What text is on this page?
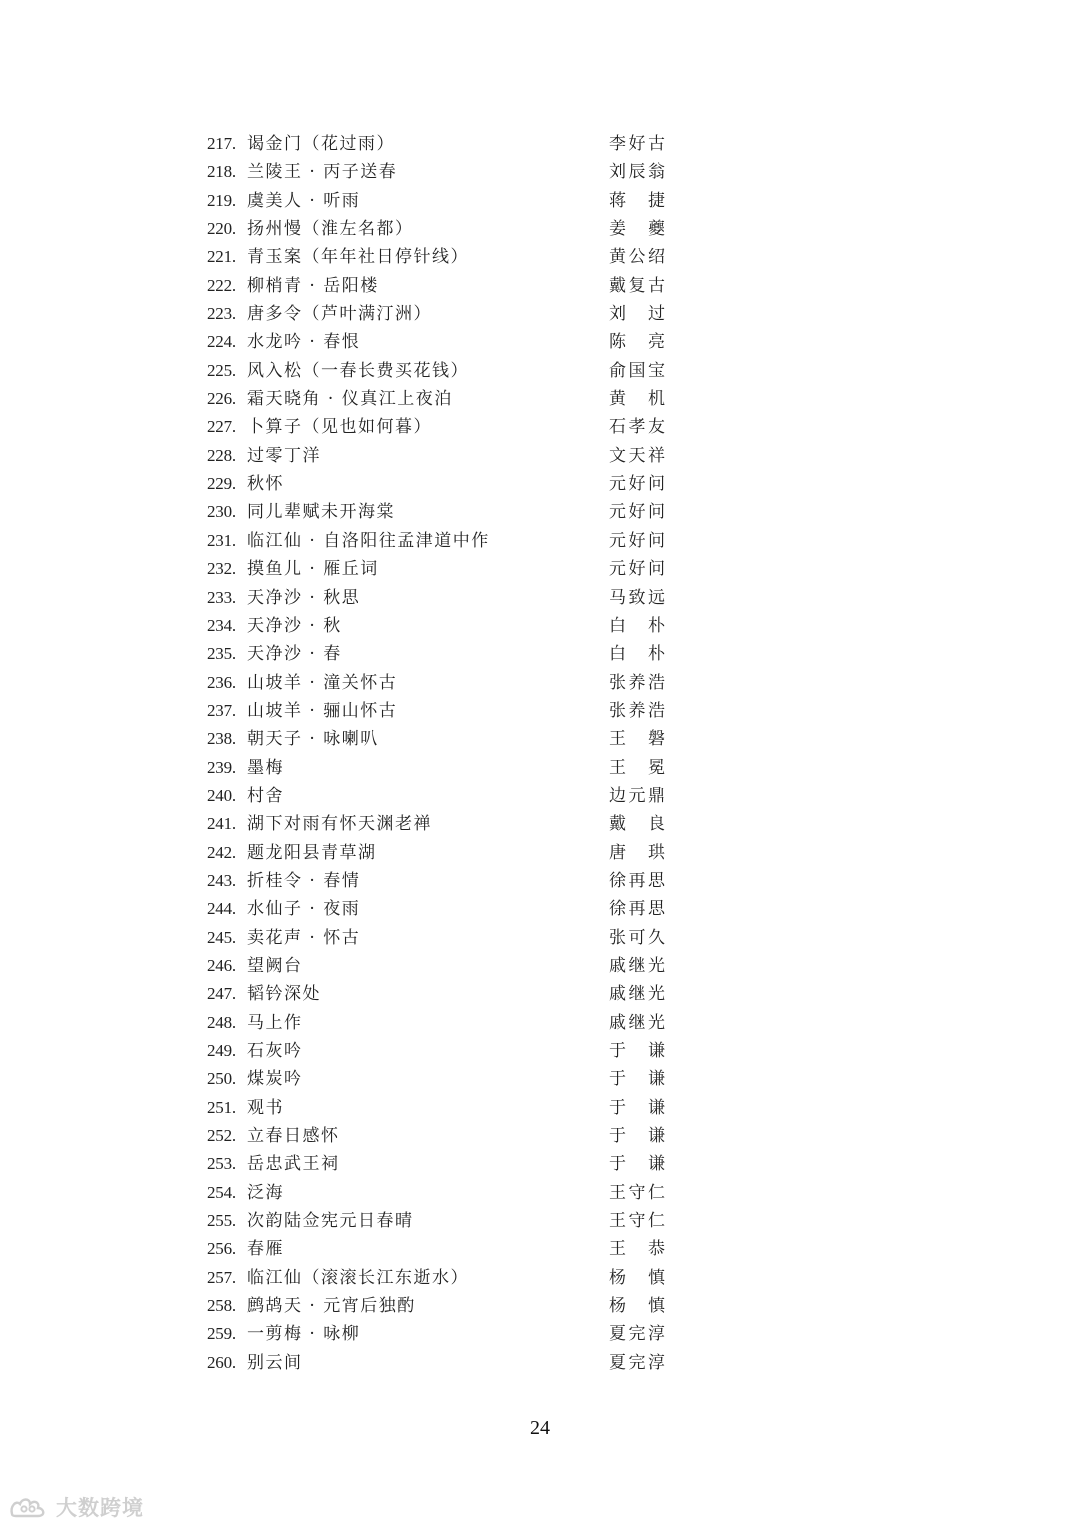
217. 谒金门（花过雨）	李好古
218. 兰陵王 · 丙子送春	刘辰翁
219. 虞美人 · 听雨	蒋　捷
220. 扬州慢（淮左名都）	姜　夔
221. 青玉案（年年社日停针线）	黄公绍
222. 柳梢青 · 岳阳楼	戴复古
223. 唐多令（芦叶满汀洲）	刘　过
224. 水龙吟 · 春恨	陈　亮
225. 风入松（一春长费买花钱）	俞国宝
226. 霜天晓角 · 仪真江上夜泊	黄　机
227. 卜算子（见也如何暮）	石孝友
228. 过零丁洋	文天祥
229. 秋怀	元好问
230. 同儿辈赋未开海棠	元好问
231. 临江仙 · 自洛阳往孟津道中作	元好问
232. 摸鱼儿 · 雁丘词	元好问
233. 天净沙 · 秋思	马致远
234. 天净沙 · 秋	白　朴
235. 天净沙 · 春	白　朴
236. 山坡羊 · 潼关怀古	张养浩
237. 山坡羊 · 骊山怀古	张养浩
238. 朝天子 · 咏喇叭	王　磐
239. 墨梅	王　冕
240. 村舍	边元鼎
241. 湖下对雨有怀天渊老禅	戴　良
242. 题龙阳县青草湖	唐　珙
243. 折桂令 · 春情	徐再思
244. 水仙子 · 夜雨	徐再思
245. 卖花声 · 怀古	张可久
246. 望阙台	戚继光
247. 韬钤深处	戚继光
248. 马上作	戚继光
249. 石灰吟	于　谦
250. 煤炭吟	于　谦
251. 观书	于　谦
252. 立春日感怀	于　谦
253. 岳忠武王祠	于　谦
254. 泛海	王守仁
255. 次韵陆佥宪元日春晴	王守仁
256. 春雁	王　恭
257. 临江仙（滚滚长江东逝水）	杨　慎
258. 鹧鸪天 · 元宵后独酌	杨　慎
259. 一剪梅 · 咏柳	夏完淳
260. 别云间	夏完淳
24
大数跨境
